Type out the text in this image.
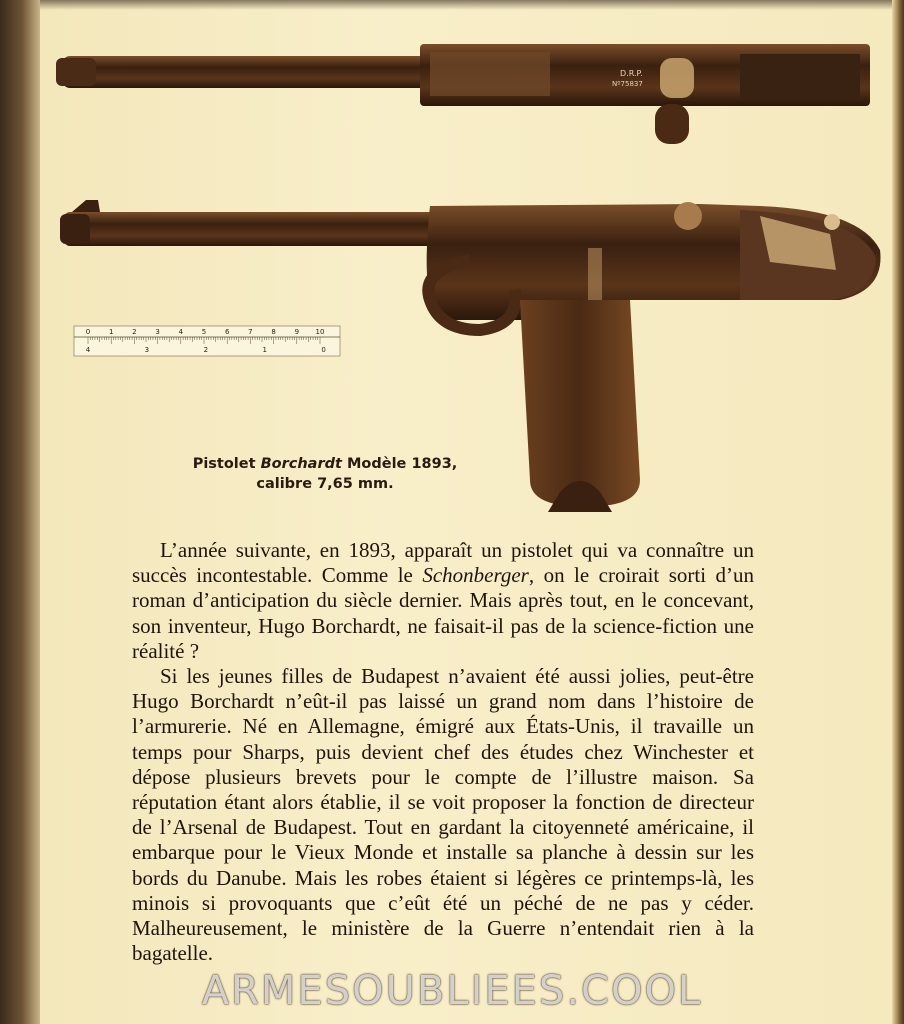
D.R.P.
Nº75837
0	1	2	3	4	5	6	7	8	9 10
4	3	2	1	0
Pistolet Borchardt Modèle 1893,
calibre 7,65 mm.

L’année suivante, en 1893, apparaît un pistolet qui va connaître un succès incontestable. Comme le Schonberger, on le croirait sorti d’un roman d’anticipation du siècle dernier. Mais après tout, en le concevant, son inventeur, Hugo Borchardt, ne faisait-il pas de la science-fiction une réalité ?

Si les jeunes filles de Budapest n’avaient été aussi jolies, peut-être Hugo Borchardt n’eût-il pas laissé un grand nom dans l’histoire de l’armurerie. Né en Allemagne, émigré aux États-Unis, il travaille un temps pour Sharps, puis devient chef des études chez Winchester et dépose plusieurs brevets pour le compte de l’illustre maison. Sa réputation étant alors établie, il se voit proposer la fonction de directeur de l’Arsenal de Budapest. Tout en gardant la citoyenneté américaine, il embarque pour le Vieux Monde et installe sa planche à dessin sur les bords du Danube. Mais les robes étaient si légères ce printemps-là, les minois si provoquants que c’eût été un péché de ne pas y céder. Malheureusement, le ministère de la Guerre n’entendait rien à la bagatelle.

ARMESOUBLIEES.COOL
